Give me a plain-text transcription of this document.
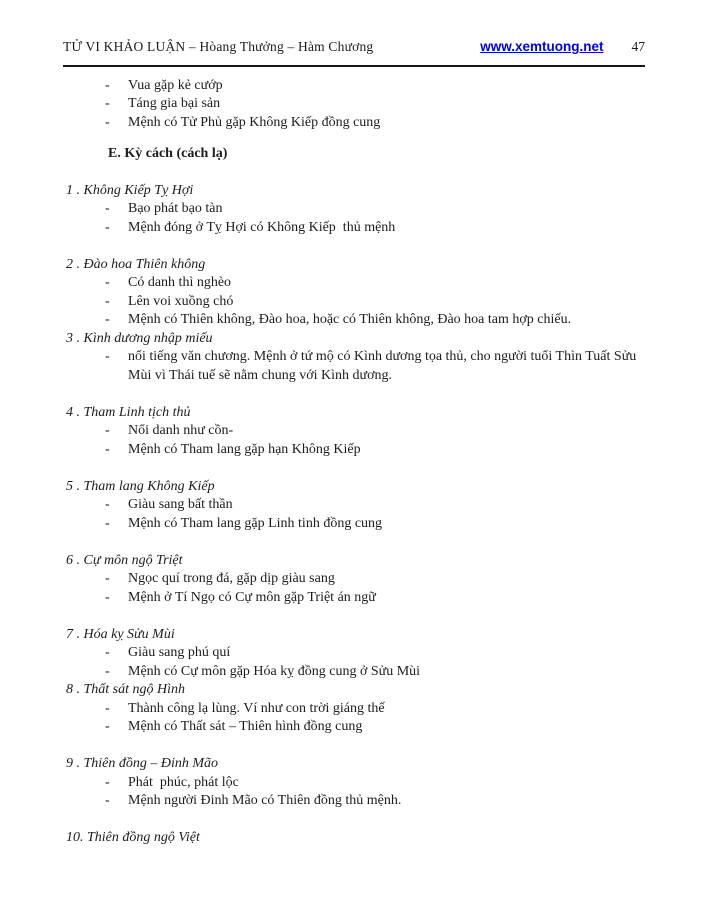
TỬ VI KHẢO LUẬN – Hòang Thưởng – Hàm Chương	www.xemtuong.net 47
-	Vua gặp kẻ cướp
-	Táng gia bại sản
-	Mệnh có Tử Phủ gặp Không Kiếp đồng cung
E. Kỳ cách (cách lạ)
1 . Không Kiếp Tỵ Hợi
-	Bạo phát bạo tàn
-	Mệnh đóng ở Tỵ Hợi có Không Kiếp  thủ mệnh
2 . Đào hoa Thiên không
-	Có danh thì nghèo
-	Lên voi xuồng chó
-	Mệnh có Thiên không, Đào hoa, hoặc có Thiên không, Đào hoa tam hợp chiếu.
3 . Kình dương nhập miếu
-	nổi tiếng văn chương. Mệnh ở tứ mộ có Kình dương tọa thủ, cho người tuổi Thìn Tuất Sửu Mùi vì Thái tuế sẽ nằm chung với Kình dương.
4 . Tham Linh tịch thủ
-	Nổi danh như cồn-
-	Mệnh có Tham lang gặp hạn Không Kiếp
5 . Tham lang Không Kiếp
-	Giàu sang bất thần
-	Mệnh có Tham lang gặp Linh tinh đồng cung
6 . Cự môn ngộ Triệt
-	Ngọc quí trong đá, gặp dịp giàu sang
-	Mệnh ở Tí Ngọ có Cự môn gặp Triệt án ngữ
7 . Hóa kỵ Sửu Mùi
-	Giàu sang phú quí
-	Mệnh có Cự môn gặp Hóa kỵ đồng cung ở Sửu Mùi
8 . Thất sát ngộ Hình
-	Thành công lạ lùng. Ví như con trời giáng thế
-	Mệnh có Thất sát – Thiên hình đồng cung
9 . Thiên đồng – Đinh Mão
-	Phát  phúc, phát lộc
-	Mệnh người Đinh Mão có Thiên đồng thủ mệnh.
10. Thiên đồng ngộ Việt
